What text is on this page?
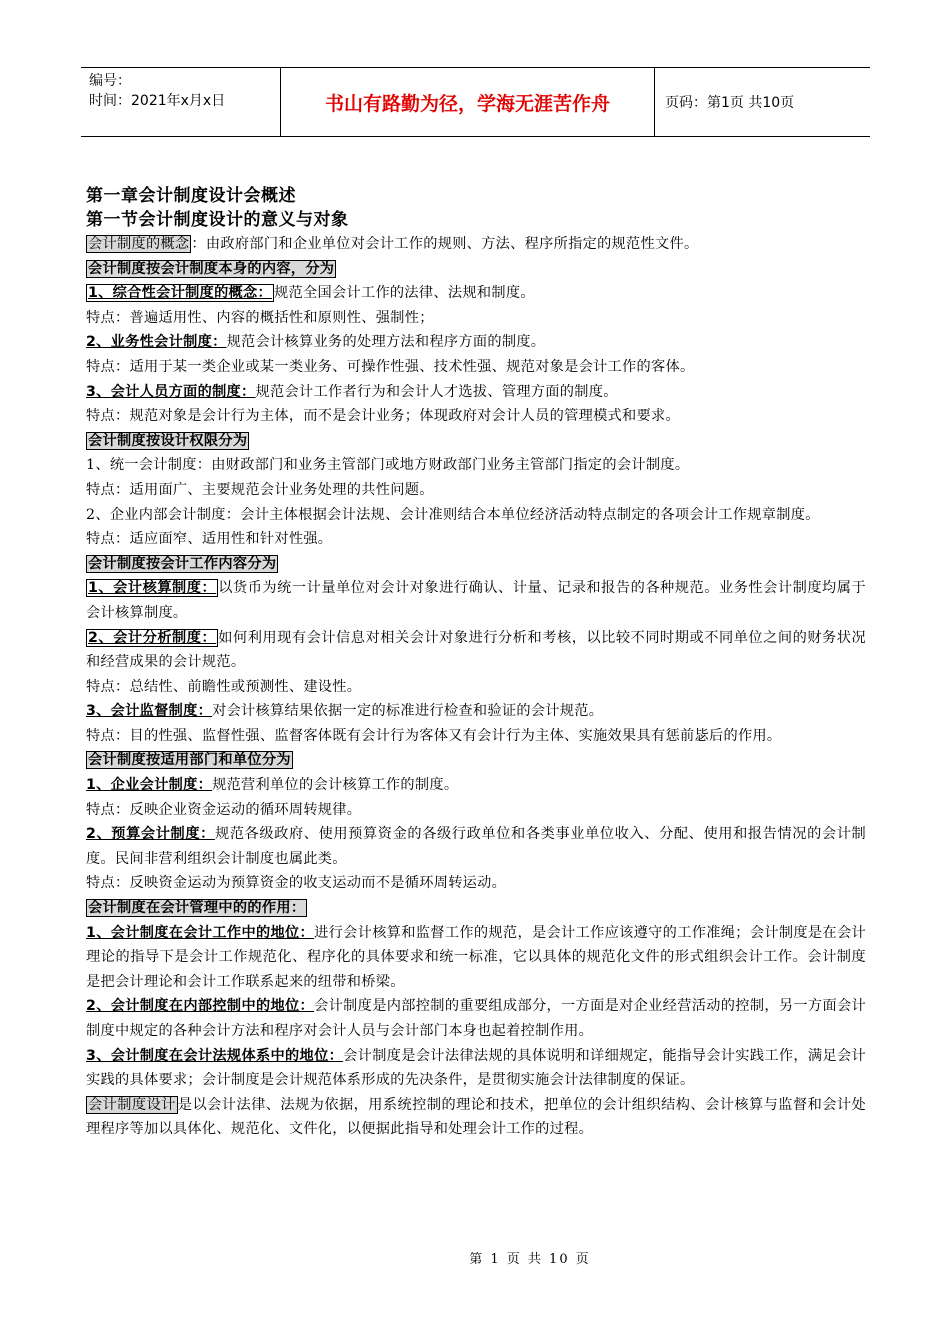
编号：
时间：2021年x月x日	书山有路勤为径，学海无涯苦作舟	页码：第1页 共10页
第一章会计制度设计会概述
第一节会计制度设计的意义与对象

会计制度的概念 ：由政府部门和企业单位对会计工作的规则、方法、程序所指定的规范性文件。

会计制度按会计制度本身的内容，分为

1、综合性会计制度的概念： 规范全国会计工作的法律、法规和制度。

特点：普遍适用性、内容的概括性和原则性、强制性；

2、业务性会计制度：规范会计核算业务的处理方法和程序方面的制度。

特点：适用于某一类企业或某一类业务、可操作性强、技术性强、规范对象是会计工作的客体。

3、会计人员方面的制度：规范会计工作者行为和会计人才选拔、管理方面的制度。

特点：规范对象是会计行为主体，而不是会计业务；体现政府对会计人员的管理模式和要求。

会计制度按设计权限分为

1、统一会计制度：由财政部门和业务主管部门或地方财政部门业务主管部门指定的会计制度。

特点：适用面广、主要规范会计业务处理的共性问题。

2、企业内部会计制度：会计主体根据会计法规、会计准则结合本单位经济活动特点制定的各项会计工作规章制度。

特点：适应面窄、适用性和针对性强。

会计制度按会计工作内容分为

1、会计核算制度： 以货币为统一计量单位对会计对象进行确认、计量、记录和报告的各种规范。业务性会计制度均属于会计核算制度。

2、会计分析制度： 如何利用现有会计信息对相关会计对象进行分析和考核，以比较不同时期或不同单位之间的财务状况和经营成果的会计规范。

特点：总结性、前瞻性或预测性、建设性。

3、会计监督制度：对会计核算结果依据一定的标准进行检查和验证的会计规范。

特点：目的性强、监督性强、监督客体既有会计行为客体又有会计行为主体、实施效果具有惩前毖后的作用。

会计制度按适用部门和单位分为

1、企业会计制度：规范营利单位的会计核算工作的制度。

特点：反映企业资金运动的循环周转规律。

2、预算会计制度：规范各级政府、使用预算资金的各级行政单位和各类事业单位收入、分配、使用和报告情况的会计制度。民间非营利组织会计制度也属此类。

特点：反映资金运动为预算资金的收支运动而不是循环周转运动。

会计制度在会计管理中的的作用：

1、会计制度在会计工作中的地位：进行会计核算和监督工作的规范，是会计工作应该遵守的工作准绳；会计制度是在会计理论的指导下是会计工作规范化、程序化的具体要求和统一标准，它以具体的规范化文件的形式组织会计工作。会计制度是把会计理论和会计工作联系起来的纽带和桥梁。

2、会计制度在内部控制中的地位：会计制度是内部控制的重要组成部分，一方面是对企业经营活动的控制，另一方面会计制度中规定的各种会计方法和程序对会计人员与会计部门本身也起着控制作用。

3、会计制度在会计法规体系中的地位：会计制度是会计法律法规的具体说明和详细规定，能指导会计实践工作，满足会计实践的具体要求；会计制度是会计规范体系形成的先决条件，是贯彻实施会计法律制度的保证。

会计制度设计 是以会计法律、法规为依据，用系统控制的理论和技术，把单位的会计组织结构、会计核算与监督和会计处理程序等加以具体化、规范化、文件化，以便据此指导和处理会计工作的过程。

第 1 页 共 10 页
